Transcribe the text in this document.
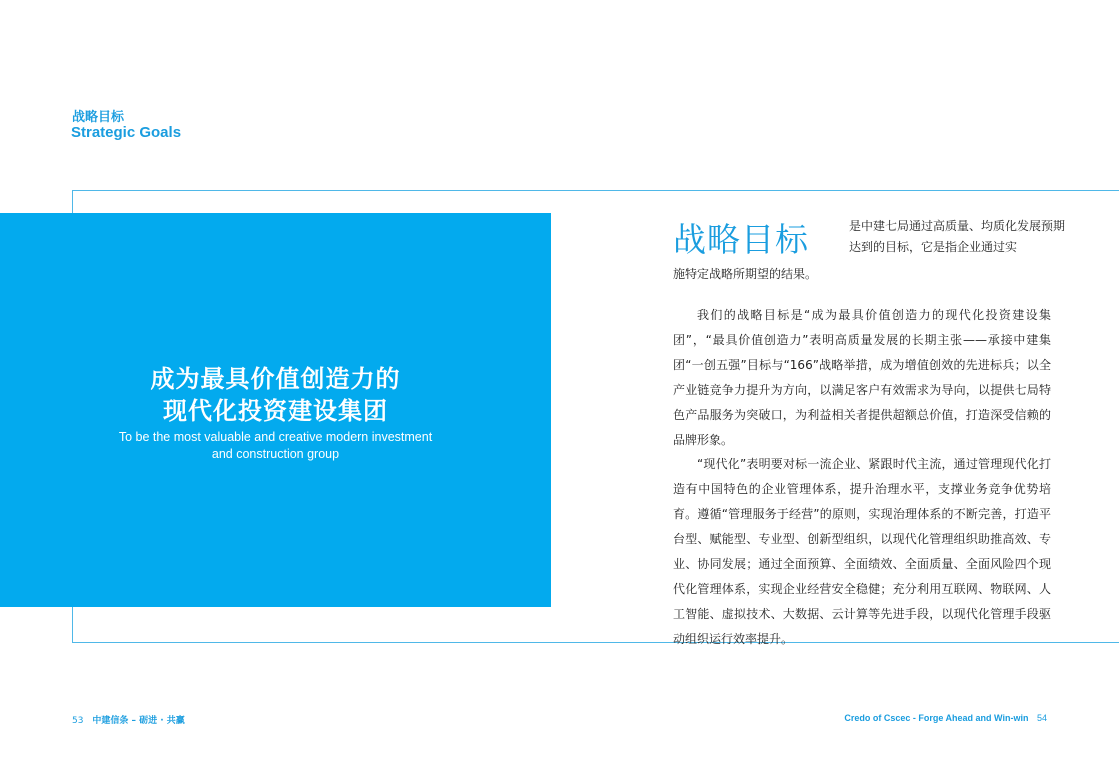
战略目标
Strategic Goals
成为最具价值创造力的
现代化投资建设集团
To be the most valuable and creative modern investment
and construction group
战略目标	是中建七局通过高质量、均质化发展预期达到的目标，它是指企业通过实
施特定战略所期望的结果。
我们的战略目标是“成为最具价值创造力的现代化投资建设集团”，“最具价值创造力”表明高质量发展的长期主张——承接中建集团“一创五强”目标与“166”战略举措，成为增值创效的先进标兵；以全产业链竞争力提升为方向，以满足客户有效需求为导向，以提供七局特色产品服务为突破口，为利益相关者提供超额总价值，打造深受信赖的品牌形象。
“现代化”表明要对标一流企业、紧跟时代主流，通过管理现代化打造有中国特色的企业管理体系，提升治理水平，支撑业务竞争优势培育。遵循“管理服务于经营”的原则，实现治理体系的不断完善，打造平台型、赋能型、专业型、创新型组织，以现代化管理组织助推高效、专业、协同发展；通过全面预算、全面绩效、全面质量、全面风险四个现代化管理体系，实现企业经营安全稳健；充分利用互联网、物联网、人工智能、虚拟技术、大数据、云计算等先进手段，以现代化管理手段驱动组织运行效率提升。
53 中建信条 – 砺进 · 共赢	Credo of Cscec - Forge Ahead and Win-win 54
